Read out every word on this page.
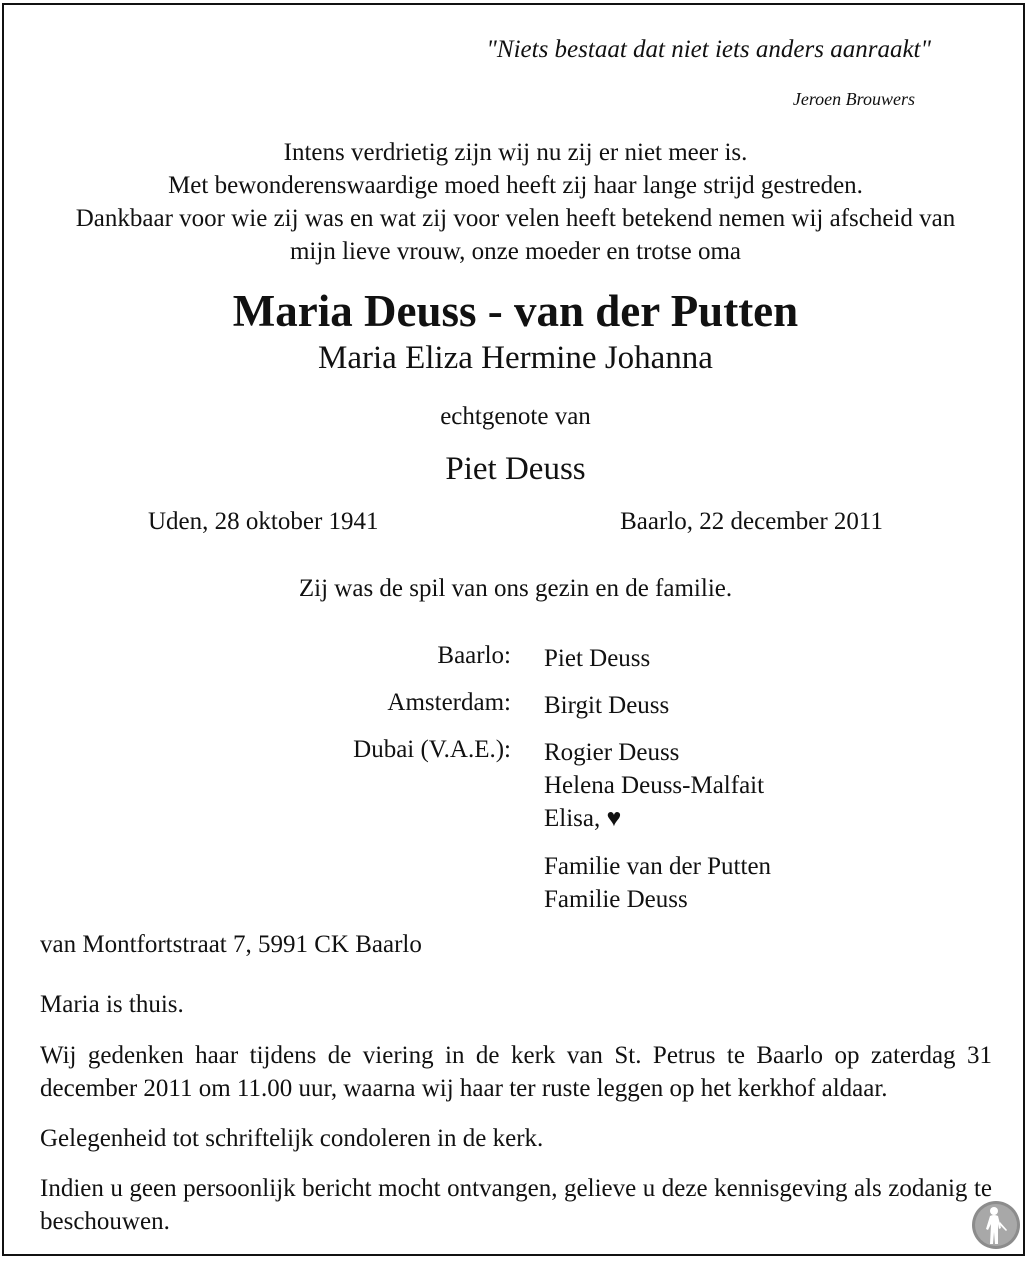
"Niets bestaat dat niet iets anders aanraakt"
Jeroen Brouwers
Intens verdrietig zijn wij nu zij er niet meer is.
Met bewonderenswaardige moed heeft zij haar lange strijd gestreden.
Dankbaar voor wie zij was en wat zij voor velen heeft betekend nemen wij afscheid van
mijn lieve vrouw, onze moeder en trotse oma
Maria Deuss - van der Putten
Maria Eliza Hermine Johanna
echtgenote van
Piet Deuss
Uden, 28 oktober 1941	Baarlo, 22 december 2011
Zij was de spil van ons gezin en de familie.
Baarlo:
Amsterdam:
Dubai (V.A.E.):
Piet Deuss
Birgit Deuss
Rogier Deuss
Helena Deuss-Malfait
Elisa, ♥
Familie van der Putten
Familie Deuss
van Montfortstraat 7, 5991 CK Baarlo
Maria is thuis.
Wij gedenken haar tijdens de viering in de kerk van St. Petrus te Baarlo op zaterdag 31 december 2011 om 11.00 uur, waarna wij haar ter ruste leggen op het kerkhof aldaar.
Gelegenheid tot schriftelijk condoleren in de kerk.
Indien u geen persoonlijk bericht mocht ontvangen, gelieve u deze kennisgeving als zodanig te beschouwen.
